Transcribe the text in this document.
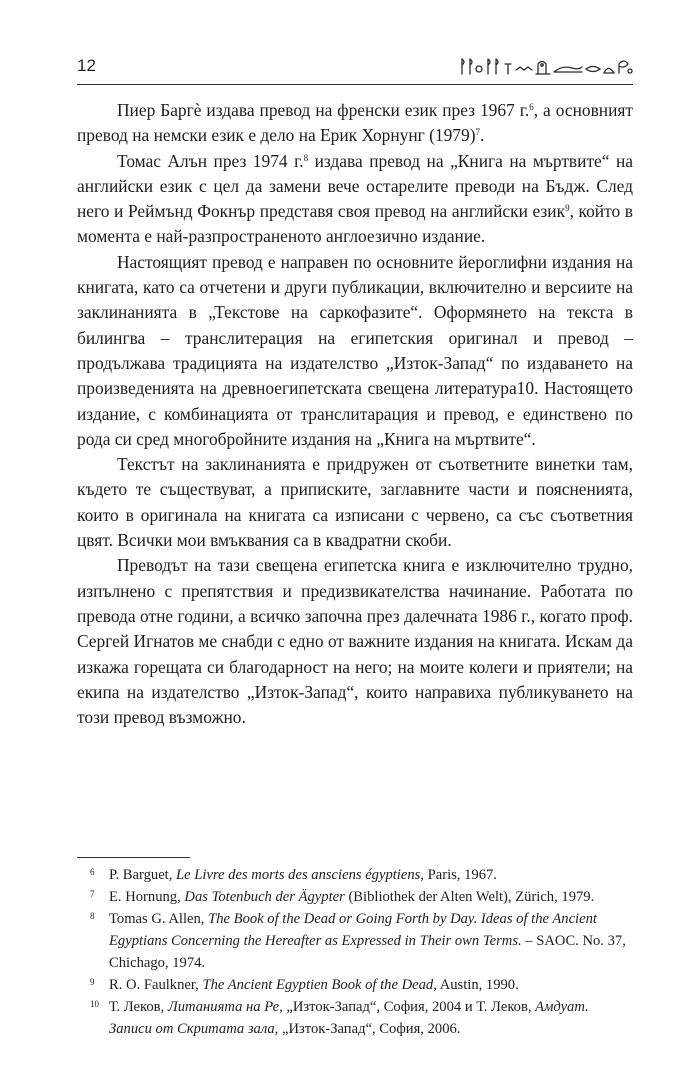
12

Пиер Баргѐ издава превод на френски език през 1967 г.$^6$, а основният превод на немски език е дело на Ерик Хорнунг $(1979)^7$.

Томас Алън през 1974 г.$^8$ издава превод на „Книга на мъртвите“ на английски език с цел да замени вече остарелите преводи на Бъдж. След него и Реймънд Фокнър представя своя превод на английски език$^9$, който в момента е най-разпространеното англоезично издание.

Настоящият превод е направен по основните йероглифни издания на книгата, като са отчетени и други публикации, включително и версиите на заклинанията в „Текстове на саркофазите“. Оформянето на текста в билингва – транслитерация на египетския оригинал и превод – продължава традицията на издателство „Изток-Запад“ по издаването на произведенията на древноегипетската свещена литература10. Настоящето издание, с комбинацията от транслитарация и превод, е единствено по рода си сред многобройните издания на „Книга на мъртвите“.

Текстът на заклинанията е придружен от съответните винетки там, където те съществуват, а приписките, заглавните части и поясненията, които в оригинала на книгата са изписани с червено, са със съответния цвят. Всички мои вмъквания са в квадратни скоби.

Преводът на тази свещена египетска книга е изключително трудно, изпълнено с препятствия и предизвикателства начинание. Работата по превода отне години, а всичко започна през далечната 1986 г., когато проф. Сергей Игнатов ме снабди с едно от важните издания на книгата. Искам да изкажа горещата си благодарност на него; на моите колеги и приятели; на екипа на издателство „Изток-Запад“, които направиха публикуването на този превод възможно.

6 P. Barguet, Le Livre des morts des ansciens égyptiens, Paris, 1967.
7 E. Hornung, Das Totenbuch der Ägypter (Bibliothek der Alten Welt), Zürich, 1979.
8 Tomas G. Allen, The Book of the Dead or Going Forth by Day. Ideas of the Ancient Egyptians Concerning the Hereafter as Expressed in Their own Terms. – SAOC. No. 37, Chichago, 1974.
9 R. O. Faulkner, The Ancient Egyptien Book of the Dead, Austin, 1990.
10 Т. Леков, Литанията на Ре, „Изток-Запад“, София, 2004 и Т. Леков, Амдуат. Записи от Скритата зала, „Изток-Запад“, София, 2006.
